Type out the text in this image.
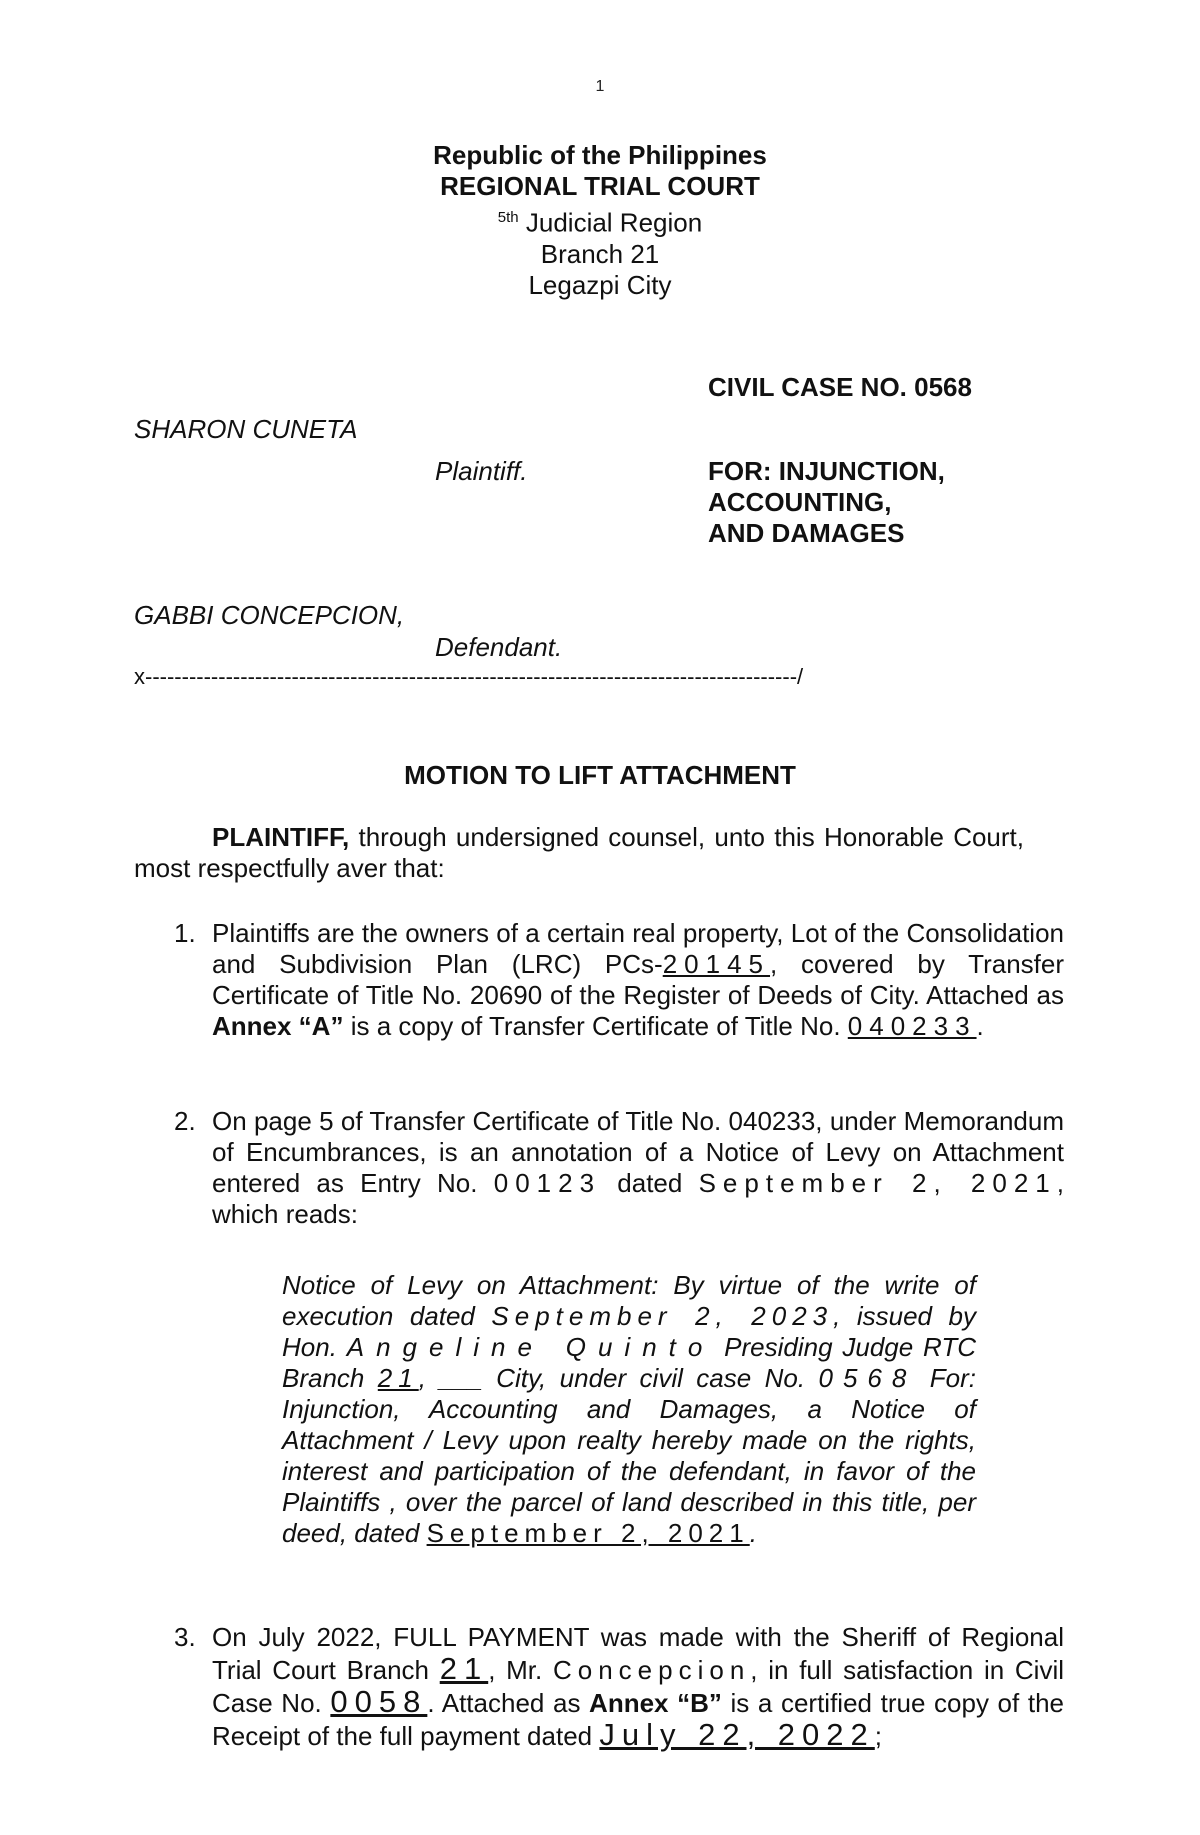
1
Republic of the Philippines
REGIONAL TRIAL COURT
$^{5th}$ Judicial Region
Branch 21
Legazpi City
CIVIL CASE NO. 0568
SHARON CUNETA
Plaintiff.	FOR: INJUNCTION,
ACCOUNTING,
AND DAMAGES
GABBI CONCEPCION,
Defendant.
x-----------------------------------------------------------------------------------------/
MOTION TO LIFT ATTACHMENT
PLAINTIFF, through undersigned counsel, unto this Honorable Court, most respectfully aver that:
1. Plaintiffs are the owners of a certain real property, Lot of the Consolidation and Subdivision Plan (LRC) PCs-20145, covered by Transfer Certificate of Title No. 20690 of the Register of Deeds of City. Attached as Annex “A” is a copy of Transfer Certificate of Title No. 040233.
2. On page 5 of Transfer Certificate of Title No. 040233, under Memorandum of Encumbrances, is an annotation of a Notice of Levy on Attachment entered as Entry No. 00123 dated September 2, 2021, which reads:
Notice of Levy on Attachment: By virtue of the write of execution dated September 2, 2023, issued by Hon. Angeline Quinto Presiding Judge RTC Branch 21, ___ City, under civil case No. 0568 For: Injunction, Accounting and Damages, a Notice of Attachment / Levy upon realty hereby made on the rights, interest and participation of the defendant, in favor of the Plaintiffs , over the parcel of land described in this title, per deed, dated September 2, 2021.
3. On July 2022, FULL PAYMENT was made with the Sheriff of Regional Trial Court Branch 21, Mr. Concepcion, in full satisfaction in Civil Case No. 0058. Attached as Annex “B” is a certified true copy of the Receipt of the full payment dated July 22, 2022;
